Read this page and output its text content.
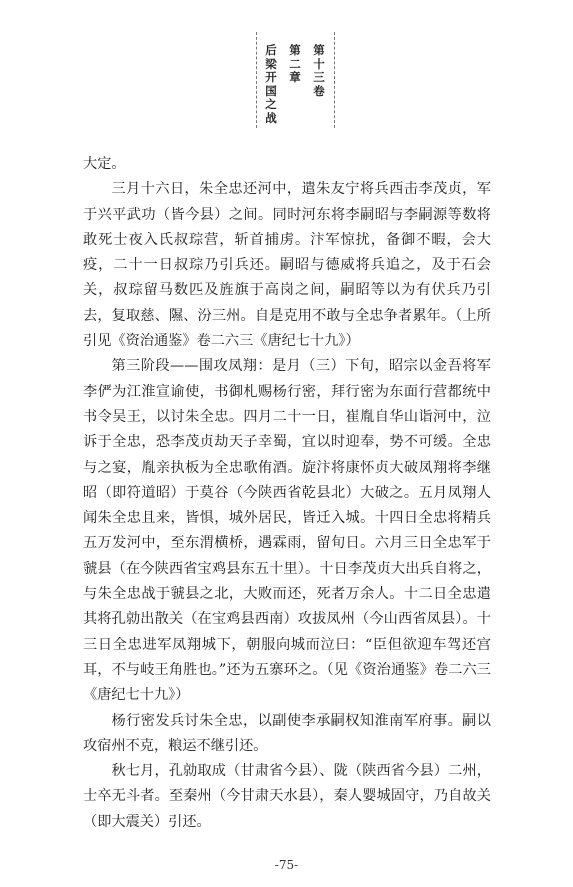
后梁开国之战
第二章
第十三卷

大定。

三月十六日，朱全忠还河中，遣朱友宁将兵西击李茂贞，军于兴平武功（皆今县）之间。同时河东将李嗣昭与李嗣源等数将敢死士夜入氏叔琮营，斩首捕虏。汴军惊扰，备御不暇，会大疫，二十一日叔琮乃引兵还。嗣昭与德威将兵追之，及于石会关，叔琮留马数匹及旌旗于高岗之间，嗣昭等以为有伏兵乃引去，复取慈、隰、汾三州。自是克用不敢与全忠争者累年。（上所引见《资治通鉴》卷二六三《唐纪七十九》）

第三阶段——围攻凤翔：是月（三）下旬，昭宗以金吾将军李俨为江淮宣谕使，书御札赐杨行密，拜行密为东面行营都统中书令吴王，以讨朱全忠。四月二十一日，崔胤自华山诣河中，泣诉于全忠，恐李茂贞劫天子幸蜀，宜以时迎奉，势不可缓。全忠与之宴，胤亲执板为全忠歌侑酒。旋汴将康怀贞大破凤翔将李继昭（即符道昭）于莫谷（今陕西省乾县北）大破之。五月凤翔人闻朱全忠且来，皆惧，城外居民，皆迁入城。十四日全忠将精兵五万发河中，至东渭横桥，遇霖雨，留旬日。六月三日全忠军于虢县（在今陕西省宝鸡县东五十里）。十日李茂贞大出兵自将之，与朱全忠战于虢县之北，大败而还，死者万余人。十二日全忠遣其将孔勍出散关（在宝鸡县西南）攻拔凤州（今山西省凤县）。十三日全忠进军凤翔城下，朝服向城而泣曰：“臣但欲迎车驾还宫耳，不与岐王角胜也。”还为五寨环之。（见《资治通鉴》卷二六三《唐纪七十九》）

杨行密发兵讨朱全忠，以副使李承嗣权知淮南军府事。嗣以攻宿州不克，粮运不继引还。

秋七月，孔勍取成（甘肃省今县）、陇（陕西省今县）二州，士卒无斗者。至秦州（今甘肃天水县），秦人婴城固守，乃自故关（即大震关）引还。

-75-
